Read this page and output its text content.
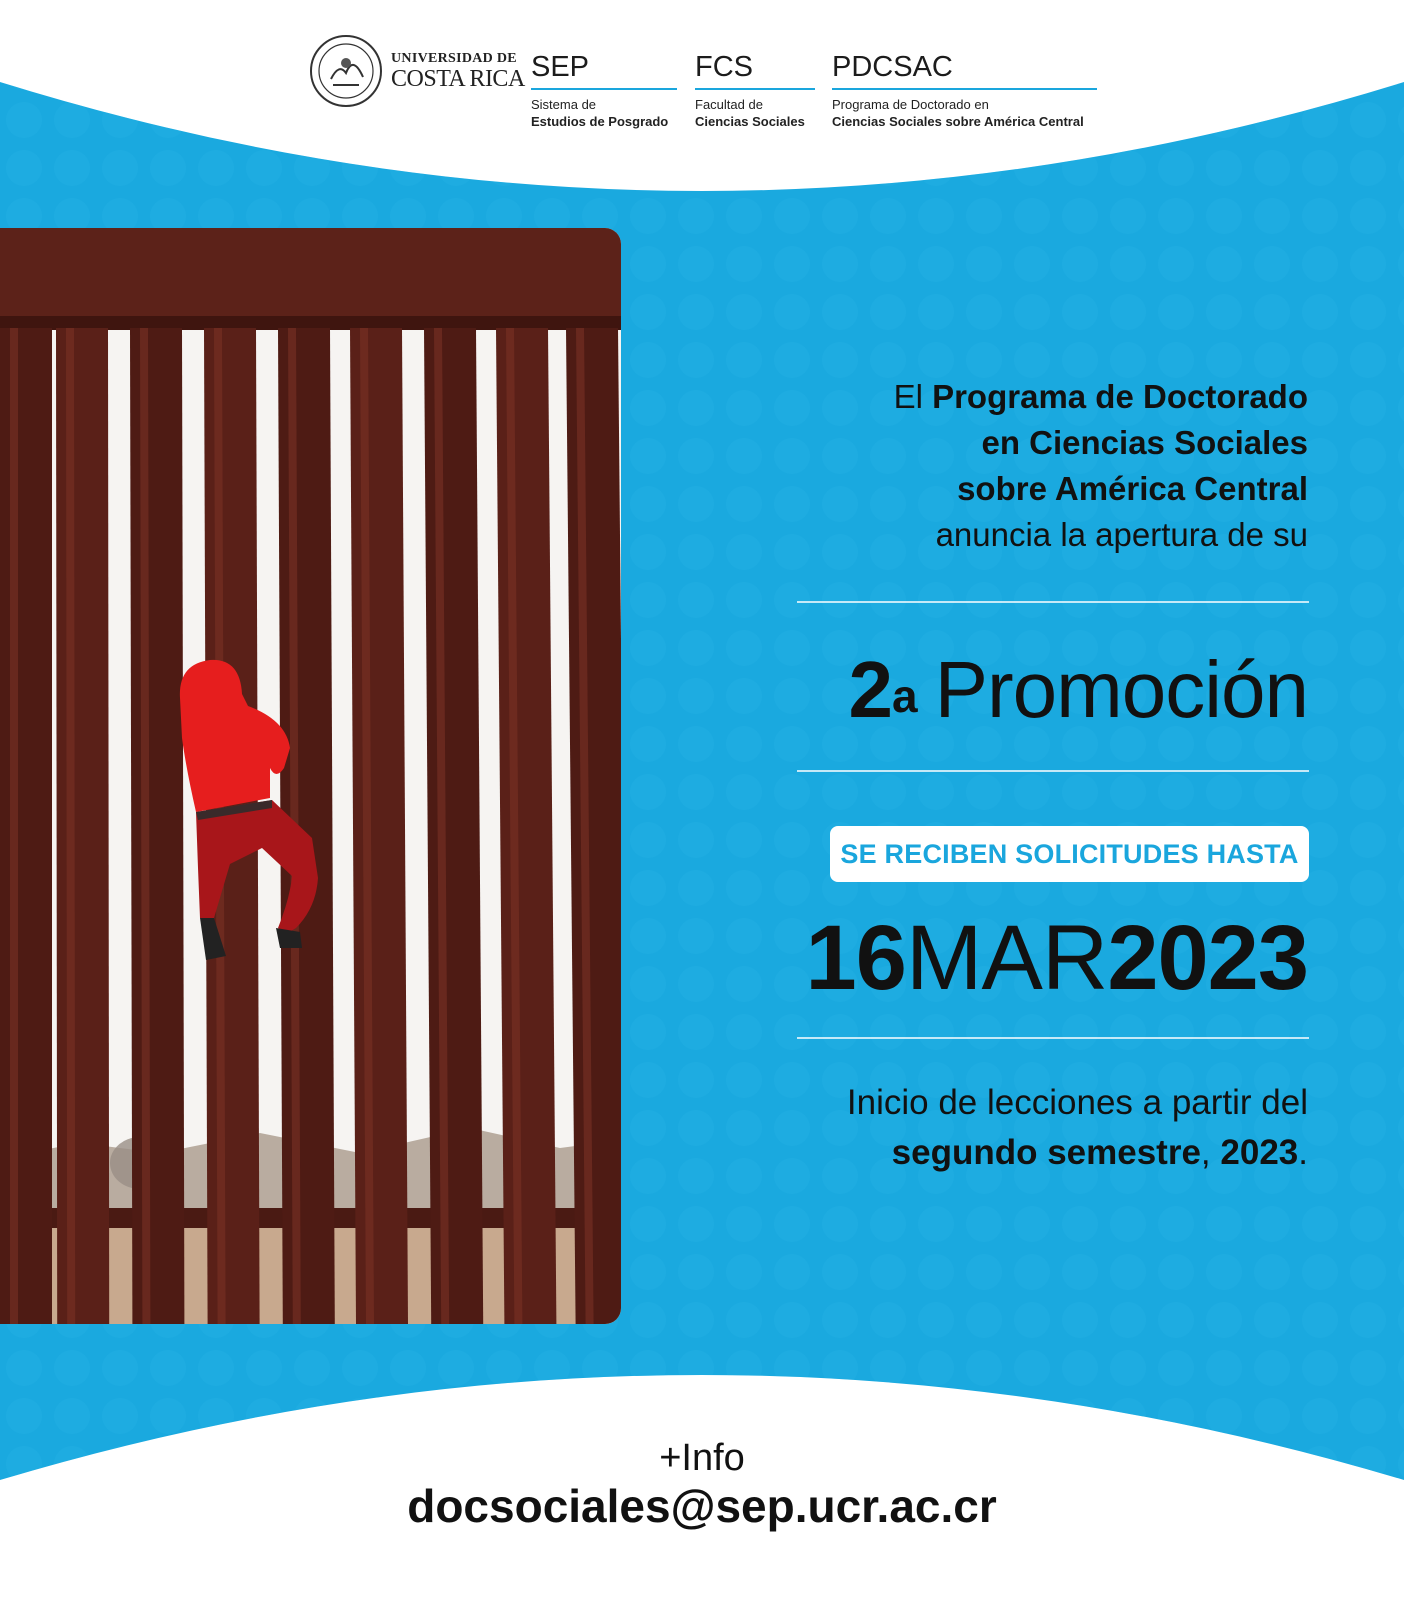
UNIVERSIDAD DE
COSTA RICA SEP
Sistema de
Estudios de Posgrado
FCS
Facultad de
Ciencias Sociales
PDCSAC
Programa de Doctorado en
Ciencias Sociales sobre América Central
El Programa de Doctorado
en Ciencias Sociales
sobre América Central
anuncia la apertura de su
2$^a$ Promoción
SE RECIBEN SOLICITUDES HASTA
16MAR2023
Inicio de lecciones a partir del
segundo semestre, 2023.
+Info
docsociales@sep.ucr.ac.cr
